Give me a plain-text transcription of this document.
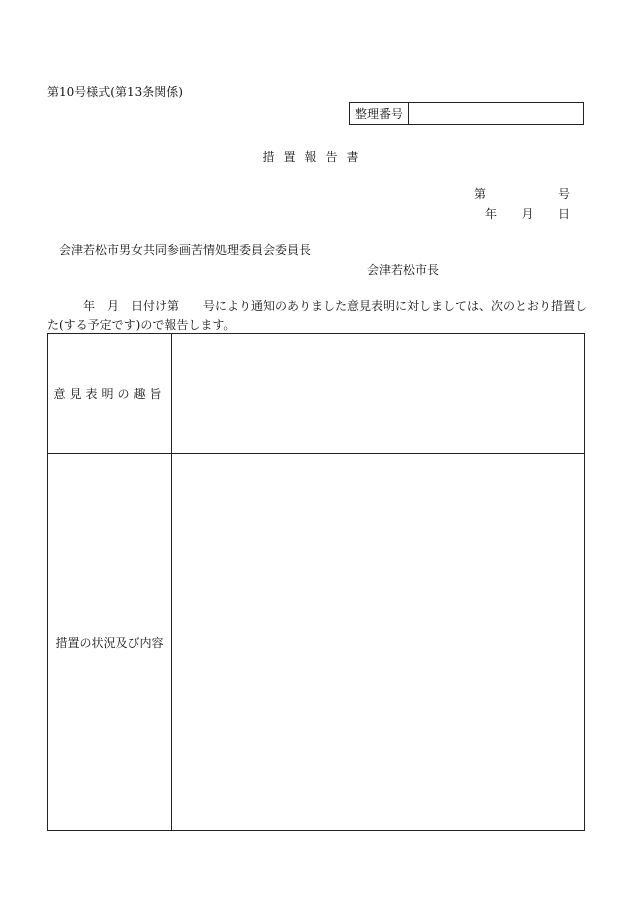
第10号様式(第13条関係)
整理番号
措置報告書
第	号
年 月 日
会津若松市男女共同参画苦情処理委員会委員長
会津若松市長
年　月　日付け第　　号により通知のありました意見表明に対しましては、次のとおり措置した(する予定です)ので報告します。
意見表明の趣旨
措置の状況及び内容
